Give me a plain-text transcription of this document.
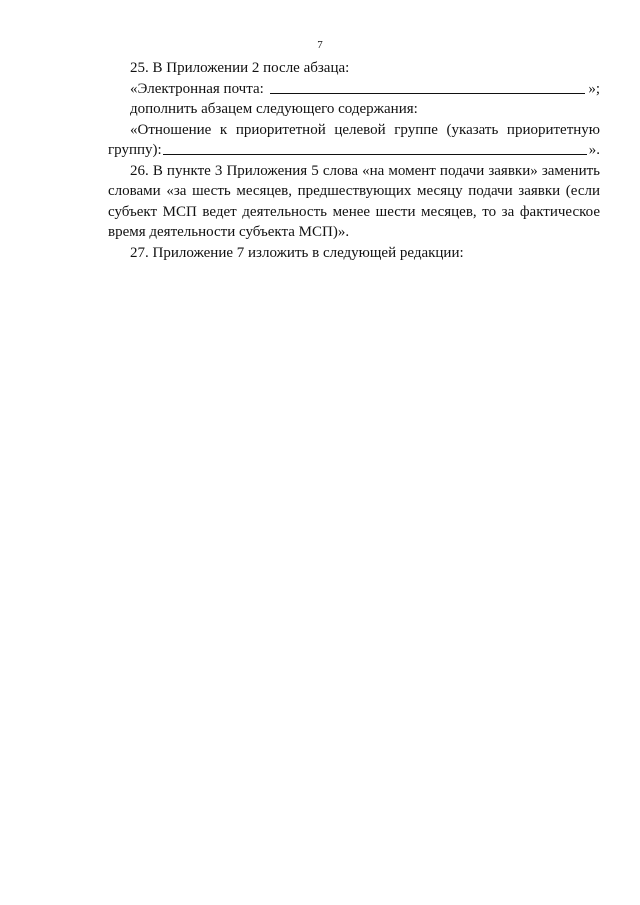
7

25. В Приложении 2 после абзаца:

«Электронная почта:	»;

дополнить абзацем следующего содержания:

«Отношение к приоритетной целевой группе (указать приоритетную

группу):	».

26. В пункте 3 Приложения 5 слова «на момент подачи заявки» заменить словами «за шесть месяцев, предшествующих месяцу подачи заявки (если субъект МСП ведет деятельность менее шести месяцев, то за фактическое время деятельности субъекта МСП)».

27. Приложение 7 изложить в следующей редакции:
